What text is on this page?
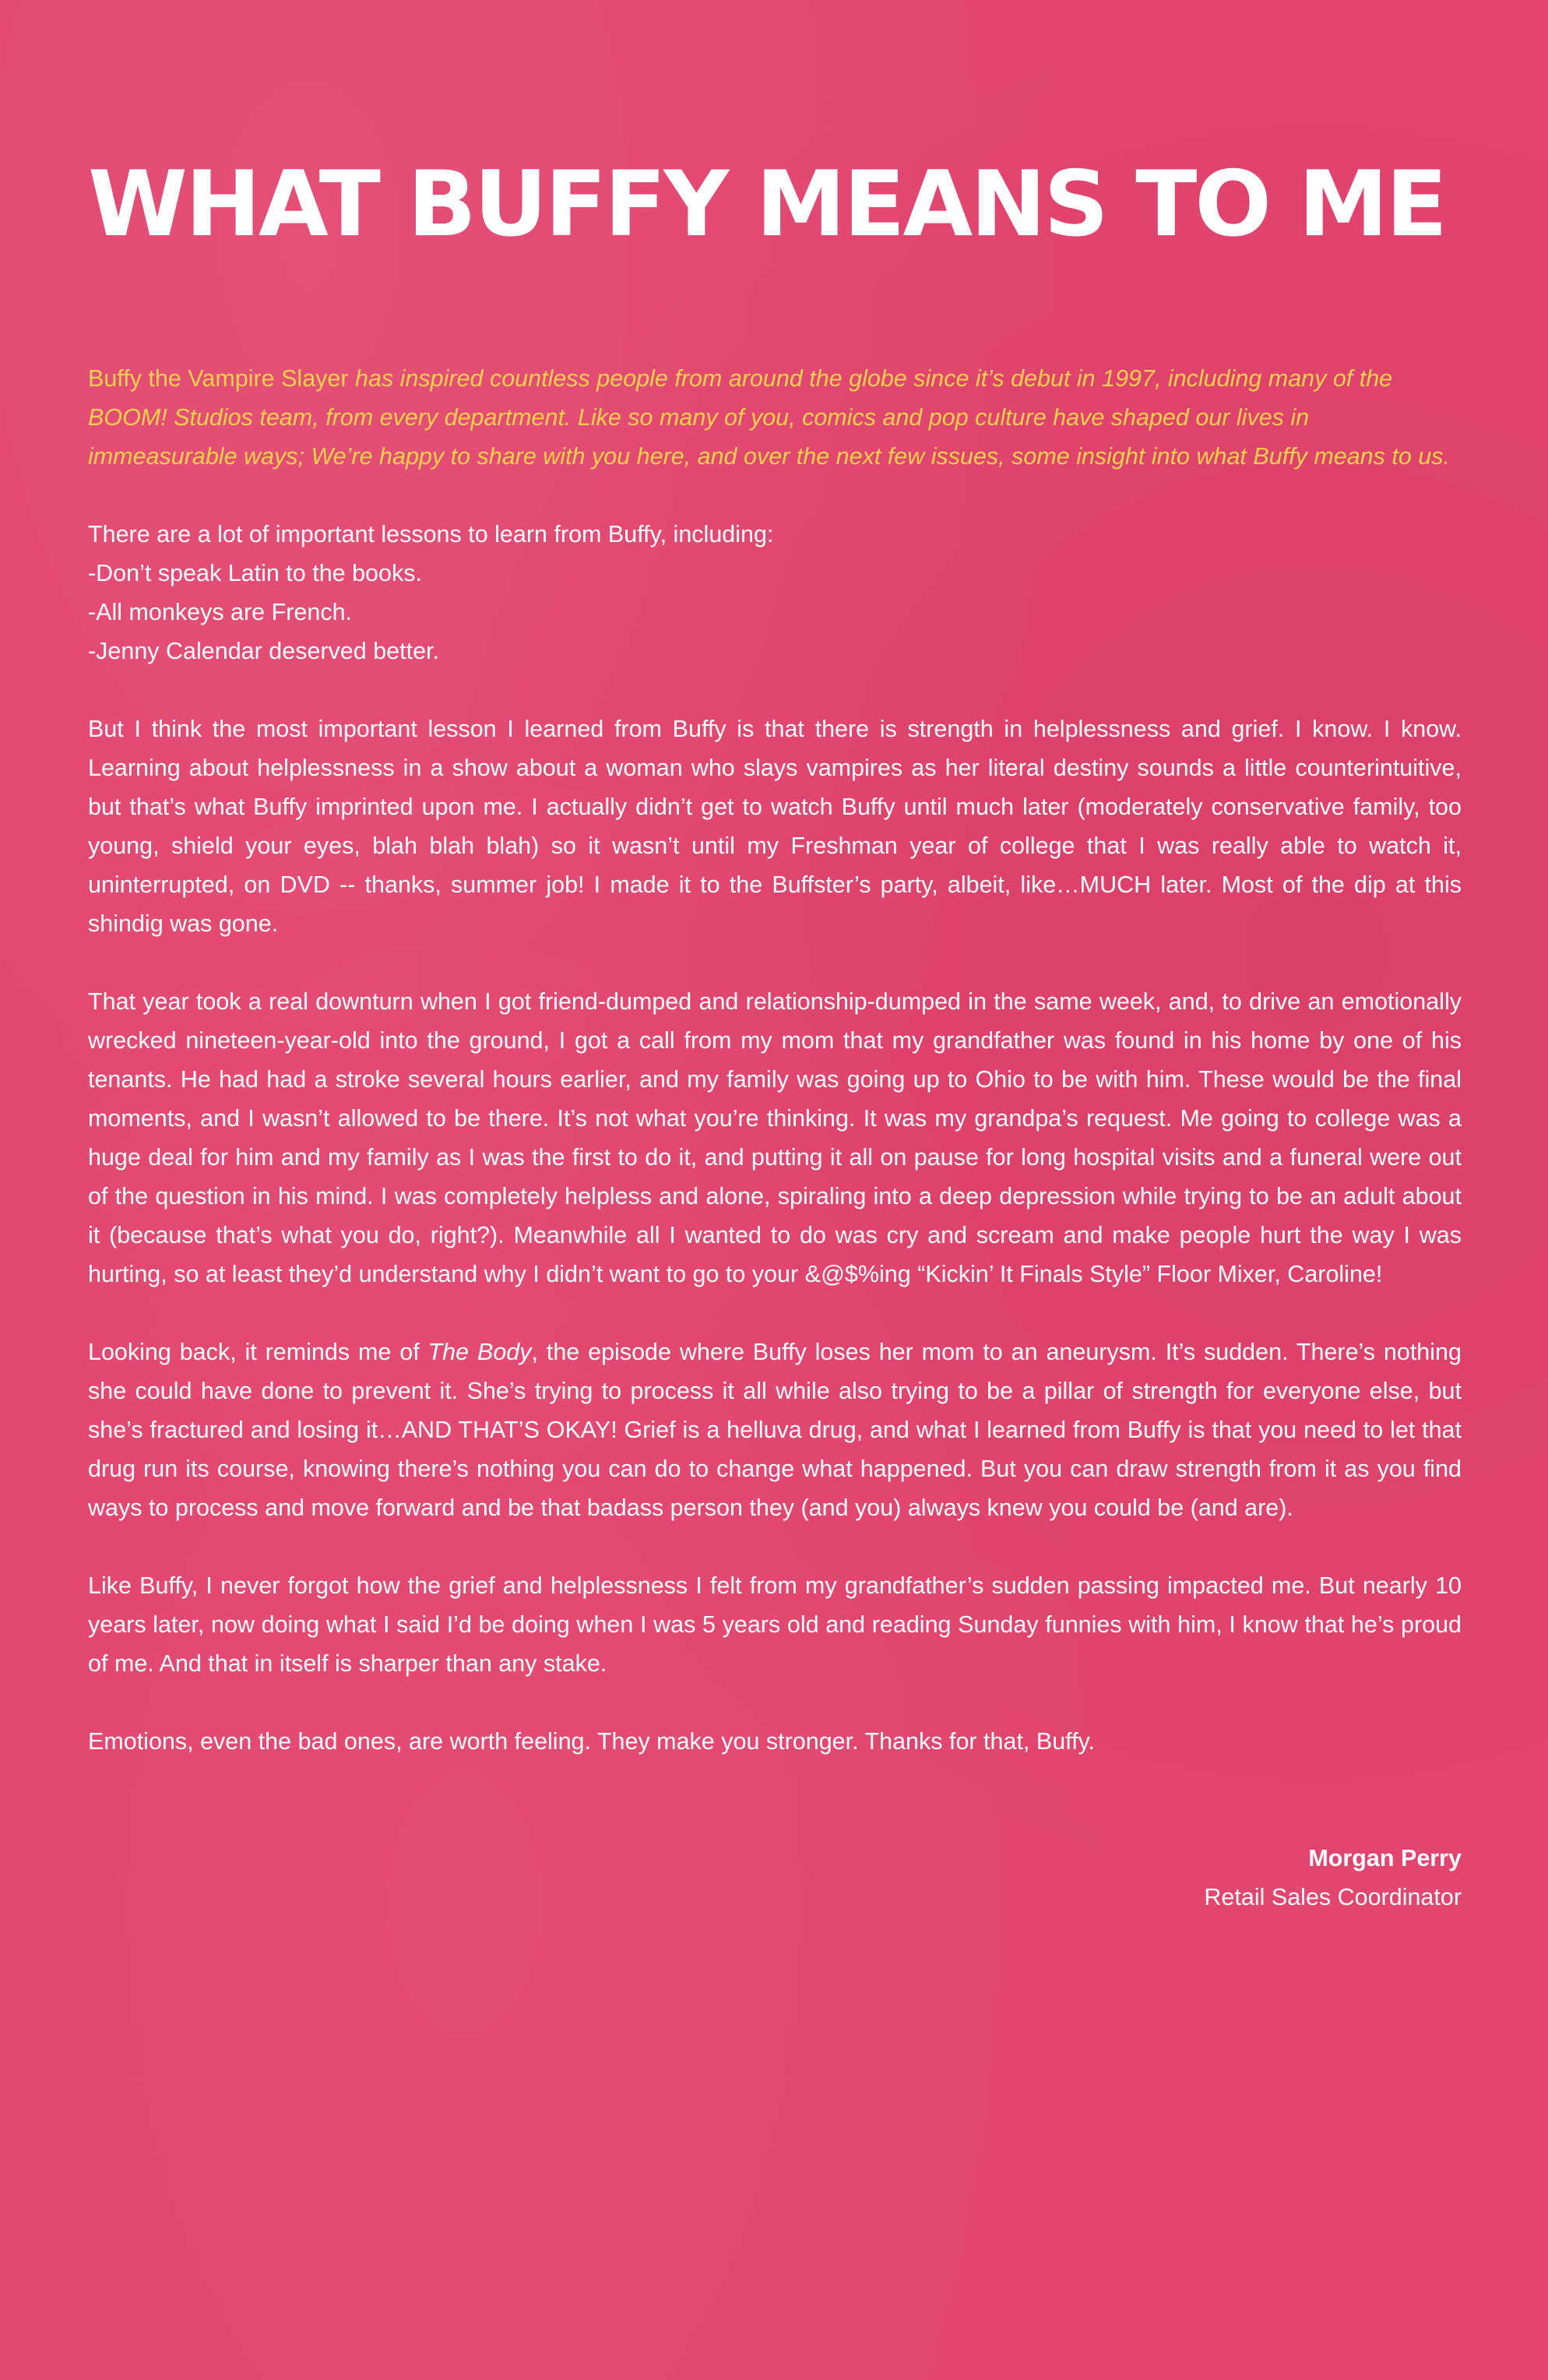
WHAT BUFFY MEANS TO ME

Buffy the Vampire Slayer has inspired countless people from around the globe since it’s debut in 1997, including many of the BOOM! Studios team, from every department. Like so many of you, comics and pop culture have shaped our lives in immeasurable ways; We’re happy to share with you here, and over the next few issues, some insight into what Buffy means to us.

There are a lot of important lessons to learn from Buffy, including:

-Don’t speak Latin to the books.

-All monkeys are French.

-Jenny Calendar deserved better.

But I think the most important lesson I learned from Buffy is that there is strength in helplessness and grief. I know. I know. Learning about helplessness in a show about a woman who slays vampires as her literal destiny sounds a little counterintuitive, but that’s what Buffy imprinted upon me. I actually didn’t get to watch Buffy until much later (moderately conservative family, too young, shield your eyes, blah blah blah) so it wasn’t until my Freshman year of college that I was really able to watch it, uninterrupted, on DVD -- thanks, summer job! I made it to the Buffster’s party, albeit, like…MUCH later. Most of the dip at this shindig was gone.

That year took a real downturn when I got friend-dumped and relationship-dumped in the same week, and, to drive an emotionally wrecked nineteen-year-old into the ground, I got a call from my mom that my grandfather was found in his home by one of his tenants. He had had a stroke several hours earlier, and my family was going up to Ohio to be with him. These would be the final moments, and I wasn’t allowed to be there. It’s not what you’re thinking. It was my grandpa’s request. Me going to college was a huge deal for him and my family as I was the first to do it, and putting it all on pause for long hospital visits and a funeral were out of the question in his mind. I was completely helpless and alone, spiraling into a deep depression while trying to be an adult about it (because that’s what you do, right?). Meanwhile all I wanted to do was cry and scream and make people hurt the way I was hurting, so at least they’d understand why I didn’t want to go to your &@$%ing “Kickin’ It Finals Style” Floor Mixer, Caroline!

Looking back, it reminds me of The Body, the episode where Buffy loses her mom to an aneurysm. It’s sudden. There’s nothing she could have done to prevent it. She’s trying to process it all while also trying to be a pillar of strength for everyone else, but she’s fractured and losing it…AND THAT’S OKAY! Grief is a helluva drug, and what I learned from Buffy is that you need to let that drug run its course, knowing there’s nothing you can do to change what happened. But you can draw strength from it as you find ways to process and move forward and be that badass person they (and you) always knew you could be (and are).

Like Buffy, I never forgot how the grief and helplessness I felt from my grandfather’s sudden passing impacted me. But nearly 10 years later, now doing what I said I’d be doing when I was 5 years old and reading Sunday funnies with him, I know that he’s proud of me. And that in itself is sharper than any stake.

Emotions, even the bad ones, are worth feeling. They make you stronger. Thanks for that, Buffy.

Morgan Perry
Retail Sales Coordinator
